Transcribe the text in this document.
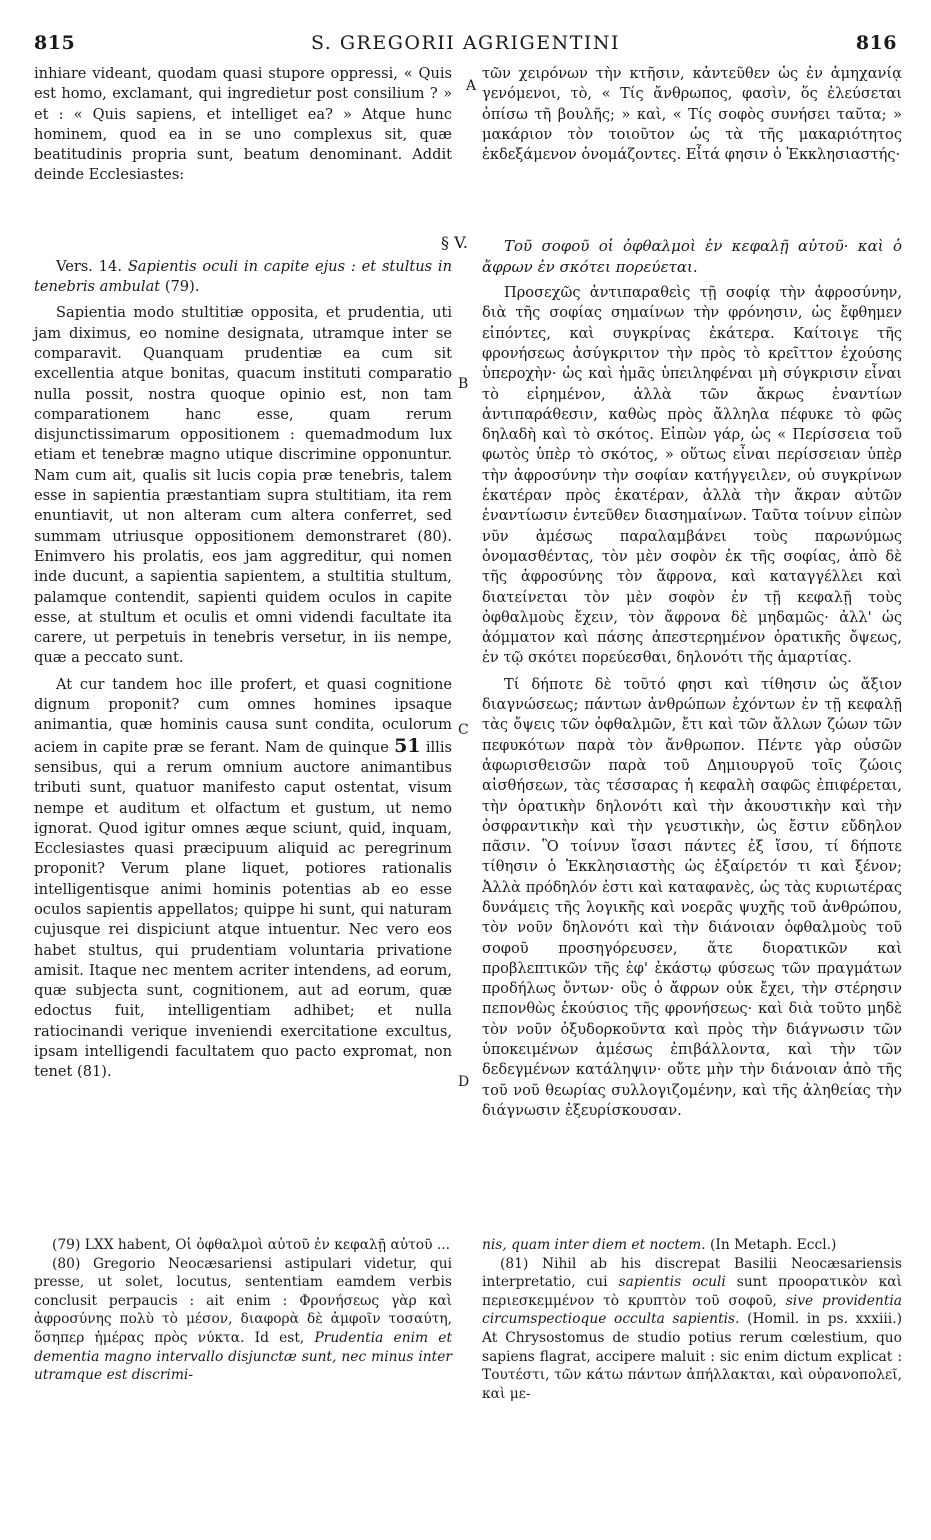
S. GREGORII AGRIGENTINI
815	816
§ V.
A
B
C
D

inhiare videant, quodam quasi stupore oppressi, « Quis est homo, exclamant, qui ingredietur post consilium ? » et : « Quis sapiens, et intelliget ea? » Atque hunc hominem, quod ea in se uno complexus sit, quæ beatitudinis propria sunt, beatum denominant. Addit deinde Ecclesiastes:

Vers. 14. Sapientis oculi in capite ejus : et stultus in tenebris ambulat (79).

Sapientia modo stultitiæ opposita, et prudentia, uti jam diximus, eo nomine designata, utramque inter se comparavit. Quanquam prudentiæ ea cum sit excellentia atque bonitas, quacum instituti comparatio nulla possit, nostra quoque opinio est, non tam comparationem hanc esse, quam rerum disjunctissimarum oppositionem : quemadmodum lux etiam et tenebræ magno utique discrimine opponuntur. Nam cum ait, qualis sit lucis copia præ tenebris, talem esse in sapientia præstantiam supra stultitiam, ita rem enuntiavit, ut non alteram cum altera conferret, sed summam utriusque oppositionem demonstraret (80). Enimvero his prolatis, eos jam aggreditur, qui nomen inde ducunt, a sapientia sapientem, a stultitia stultum, palamque contendit, sapienti quidem oculos in capite esse, at stultum et oculis et omni videndi facultate ita carere, ut perpetuis in tenebris versetur, in iis nempe, quæ a peccato sunt.

At cur tandem hoc ille profert, et quasi cognitione dignum proponit? cum omnes homines ipsaque animantia, quæ hominis causa sunt condita, oculorum aciem in capite præ se ferant. Nam de quinque 51 illis sensibus, qui a rerum omnium auctore animantibus tributi sunt, quatuor manifesto caput ostentat, visum nempe et auditum et olfactum et gustum, ut nemo ignorat. Quod igitur omnes æque sciunt, quid, inquam, Ecclesiastes quasi præcipuum aliquid ac peregrinum proponit? Verum plane liquet, potiores rationalis intelligentisque animi hominis potentias ab eo esse oculos sapientis appellatos; quippe hi sunt, qui naturam cujusque rei dispiciunt atque intuentur. Nec vero eos habet stultus, qui prudentiam voluntaria privatione amisit. Itaque nec mentem acriter intendens, ad eorum, quæ subjecta sunt, cognitionem, aut ad eorum, quæ edoctus fuit, intelligentiam adhibet; et nulla ratiocinandi verique inveniendi exercitatione excultus, ipsam intelligendi facultatem quo pacto expromat, non tenet (81).

τῶν χειρόνων τὴν κτῆσιν, κἀντεῦθεν ὡς ἐν ἀμηχανίᾳ γενόμενοι, τὸ, « Τίς ἄνθρωπος, φασὶν, ὅς ἐλεύσεται ὀπίσω τῆ βουλῆς; » καὶ, « Τίς σοφὸς συνήσει ταῦτα; » μακάριον τὸν τοιοῦτον ὡς τὰ τῆς μακαριότητος ἐκδεξάμενον ὀνομάζοντες. Εἶτά φησιν ὁ Ἐκκλησιαστής·

Τοῦ σοφοῦ οἱ ὀφθαλμοὶ ἐν κεφαλῇ αὐτοῦ· καὶ ὁ ἄφρων ἐν σκότει πορεύεται.

Προσεχῶς ἀντιπαραθεὶς τῇ σοφίᾳ τὴν ἀφροσύνην, διὰ τῆς σοφίας σημαίνων τὴν φρόνησιν, ὡς ἔφθημεν εἰπόντες, καὶ συγκρίνας ἑκάτερα. Καίτοιγε τῆς φρονήσεως ἀσύγκριτον τὴν πρὸς τὸ κρεῖττον ἐχούσης ὑπεροχὴν· ὡς καὶ ἡμᾶς ὑπειληφέναι μὴ σύγκρισιν εἶναι τὸ εἰρημένον, ἀλλὰ τῶν ἄκρως ἐναντίων ἀντιπαράθεσιν, καθὼς πρὸς ἄλληλα πέφυκε τὸ φῶς δηλαδὴ καὶ τὸ σκότος. Εἰπὼν γάρ, ὡς « Περίσσεια τοῦ φωτὸς ὑπὲρ τὸ σκότος, » οὕτως εἶναι περίσσειαν ὑπὲρ τὴν ἀφροσύνην τὴν σοφίαν κατήγγειλεν, οὐ συγκρίνων ἑκατέραν πρὸς ἑκατέραν, ἀλλὰ τὴν ἄκραν αὐτῶν ἐναντίωσιν ἐντεῦθεν διασημαίνων. Ταῦτα τοίνυν εἰπὼν νῦν ἀμέσως παραλαμβάνει τοὺς παρωνύμως ὀνομασθέντας, τὸν μὲν σοφὸν ἐκ τῆς σοφίας, ἀπὸ δὲ τῆς ἀφροσύνης τὸν ἄφρονα, καὶ καταγγέλλει καὶ διατείνεται τὸν μὲν σοφὸν ἐν τῇ κεφαλῇ τοὺς ὀφθαλμοὺς ἔχειν, τὸν ἄφρονα δὲ μηδαμῶς· ἀλλ' ὡς ἀόμματον καὶ πάσης ἀπεστερημένον ὁρατικῆς ὄψεως, ἐν τῷ σκότει πορεύεσθαι, δηλονότι τῆς ἁμαρτίας.

Τί δήποτε δὲ τοῦτό φησι καὶ τίθησιν ὡς ἄξιον διαγνώσεως; πάντων ἀνθρώπων ἐχόντων ἐν τῇ κεφαλῇ τὰς ὄψεις τῶν ὀφθαλμῶν, ἔτι καὶ τῶν ἄλλων ζώων τῶν πεφυκότων παρὰ τὸν ἄνθρωπον. Πέντε γὰρ οὐσῶν ἀφωρισθεισῶν παρὰ τοῦ Δημιουργοῦ τοῖς ζώοις αἰσθήσεων, τὰς τέσσαρας ἡ κεφαλὴ σαφῶς ἐπιφέρεται, τὴν ὁρατικὴν δηλονότι καὶ τὴν ἀκουστικὴν καὶ τὴν ὀσφραντικὴν καὶ τὴν γευστικὴν, ὡς ἔστιν εὔδηλον πᾶσιν. Ὃ τοίνυν ἴσασι πάντες ἐξ ἴσου, τί δήποτε τίθησιν ὁ Ἐκκλησιαστὴς ὡς ἐξαίρετόν τι καὶ ξένον; Ἀλλὰ πρόδηλόν ἐστι καὶ καταφανὲς, ὡς τὰς κυριωτέρας δυνάμεις τῆς λογικῆς καὶ νοερᾶς ψυχῆς τοῦ ἀνθρώπου, τὸν νοῦν δηλονότι καὶ τὴν διάνοιαν ὀφθαλμοὺς τοῦ σοφοῦ προσηγόρευσεν, ἅτε διορατικῶν καὶ προβλεπτικῶν τῆς ἐφ' ἑκάστῳ φύσεως τῶν πραγμάτων προδήλως ὄντων· οὓς ὁ ἄφρων οὐκ ἔχει, τὴν στέρησιν πεπονθὼς ἑκούσιος τῆς φρονήσεως· καὶ διὰ τοῦτο μηδὲ τὸν νοῦν ὀξυδορκοῦντα καὶ πρὸς τὴν διάγνωσιν τῶν ὑποκειμένων ἀμέσως ἐπιβάλλοντα, καὶ τὴν τῶν δεδεγμένων κατάληψιν· οὔτε μὴν τὴν διάνοιαν ἀπὸ τῆς τοῦ νοῦ θεωρίας συλλογιζομένην, καὶ τῆς ἀληθείας τὴν διάγνωσιν ἐξευρίσκουσαν.

(79) LXX habent, Οἱ ὀφθαλμοὶ αὐτοῦ ἐν κεφαλῇ αὐτοῦ ...

(80) Gregorio Neocæsariensi astipulari videtur, qui presse, ut solet, locutus, sententiam eamdem verbis conclusit perpaucis : ait enim : Φρονήσεως γὰρ καὶ ἀφροσύνης πολὺ τὸ μέσον, διαφορὰ δὲ ἀμφοῖν τοσαύτη, ὅσηπερ ἡμέρας πρὸς νύκτα. Id est, Prudentia enim et dementia magno intervallo disjunctæ sunt, nec minus inter utramque est discrimi-

nis, quam inter diem et noctem. (In Metaph. Eccl.)

(81) Nihil ab his discrepat Basilii Neocæsariensis interpretatio, cui sapientis oculi sunt προορατικὸν καὶ περιεσκεμμένον τὸ κρυπτὸν τοῦ σοφοῦ, sive providentia circumspectioque occulta sapientis. (Homil. in ps. xxxiii.) At Chrysostomus de studio potius rerum cœlestium, quo sapiens flagrat, accipere maluit : sic enim dictum explicat : Τουτέστι, τῶν κάτω πάντων ἀπήλλακται, καὶ οὐρανοπολεῖ, καὶ με-
